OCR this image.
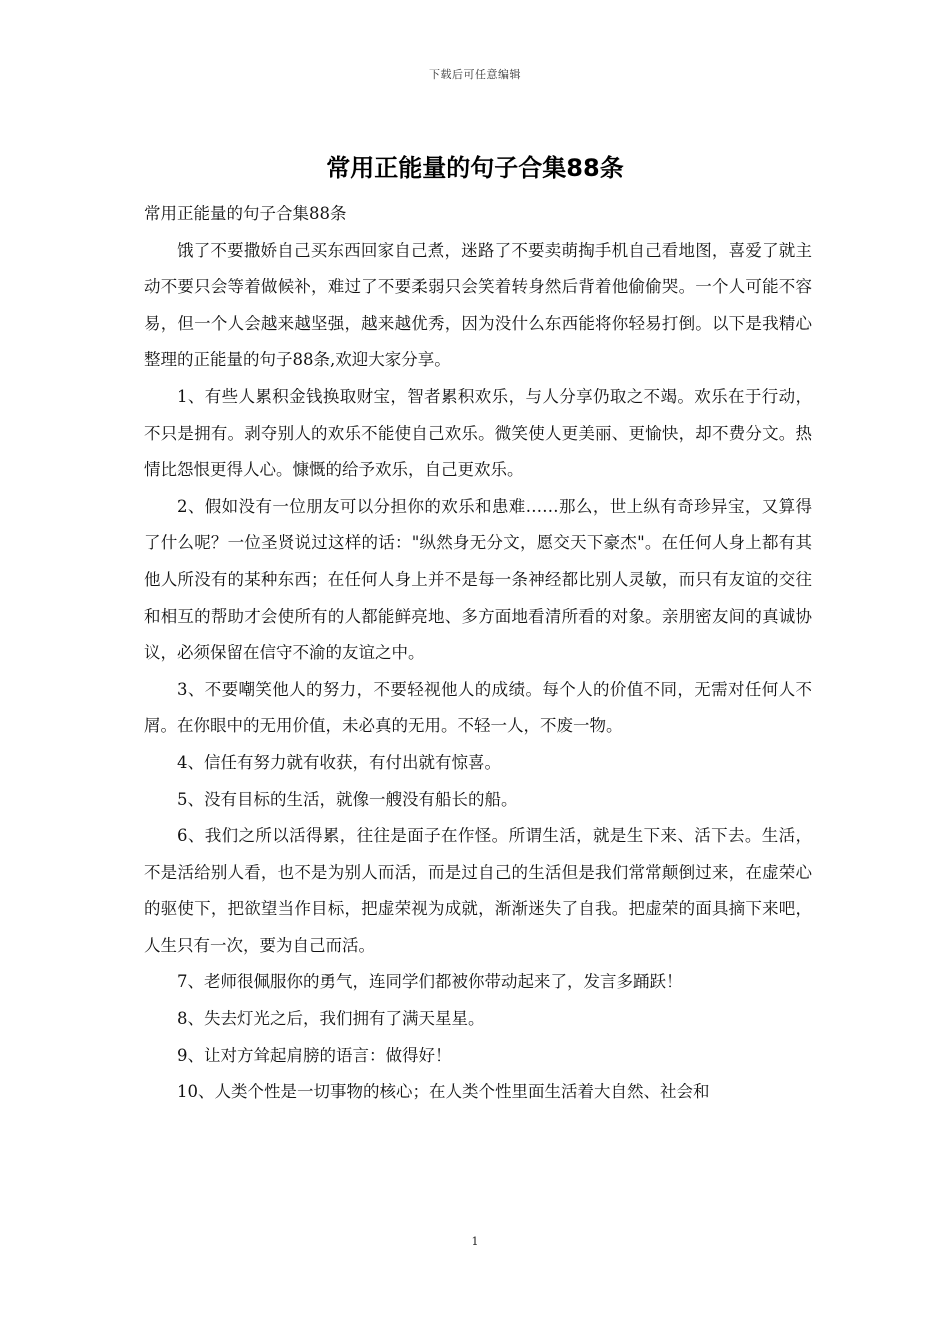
下载后可任意编辑
常用正能量的句子合集88条

常用正能量的句子合集88条

饿了不要撒娇自己买东西回家自己煮，迷路了不要卖萌掏手机自己看地图，喜爱了就主动不要只会等着做候补，难过了不要柔弱只会笑着转身然后背着他偷偷哭。一个人可能不容易，但一个人会越来越坚强，越来越优秀，因为没什么东西能将你轻易打倒。以下是我精心整理的正能量的句子88条,欢迎大家分享。

1、有些人累积金钱换取财宝，智者累积欢乐，与人分享仍取之不竭。欢乐在于行动，不只是拥有。剥夺别人的欢乐不能使自己欢乐。微笑使人更美丽、更愉快，却不费分文。热情比怨恨更得人心。慷慨的给予欢乐，自己更欢乐。

2、假如没有一位朋友可以分担你的欢乐和患难……那么，世上纵有奇珍异宝，又算得了什么呢？一位圣贤说过这样的话："纵然身无分文，愿交天下豪杰"。在任何人身上都有其他人所没有的某种东西；在任何人身上并不是每一条神经都比别人灵敏，而只有友谊的交往和相互的帮助才会使所有的人都能鲜亮地、多方面地看清所看的对象。亲朋密友间的真诚协议，必须保留在信守不渝的友谊之中。

3、不要嘲笑他人的努力，不要轻视他人的成绩。每个人的价值不同，无需对任何人不屑。在你眼中的无用价值，未必真的无用。不轻一人，不废一物。

4、信任有努力就有收获，有付出就有惊喜。

5、没有目标的生活，就像一艘没有船长的船。

6、我们之所以活得累，往往是面子在作怪。所谓生活，就是生下来、活下去。生活，不是活给别人看，也不是为别人而活，而是过自己的生活但是我们常常颠倒过来，在虚荣心的驱使下，把欲望当作目标，把虚荣视为成就，渐渐迷失了自我。把虚荣的面具摘下来吧，人生只有一次，要为自己而活。

7、老师很佩服你的勇气，连同学们都被你带动起来了，发言多踊跃！

8、失去灯光之后，我们拥有了满天星星。

9、让对方耸起肩膀的语言：做得好！

10、人类个性是一切事物的核心；在人类个性里面生活着大自然、社会和

1
